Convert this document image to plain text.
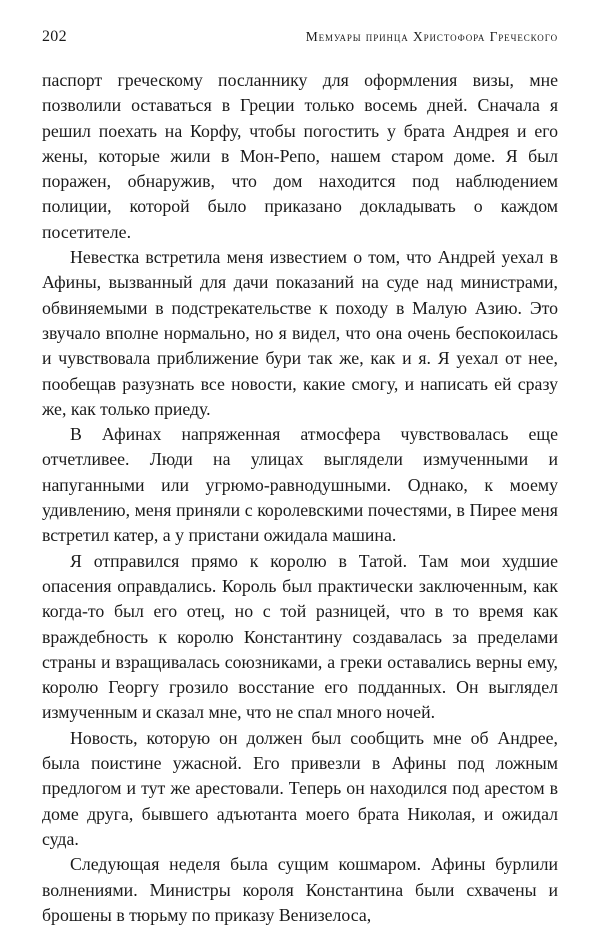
202	Мемуары принца Христофора Греческого

паспорт греческому посланнику для оформления визы, мне позволили оставаться в Греции только восемь дней. Сначала я решил поехать на Корфу, чтобы погостить у брата Андрея и его жены, которые жили в Мон-Репо, нашем старом доме. Я был поражен, обнаружив, что дом находится под наблюдением полиции, которой было приказано докладывать о каждом посетителе.

Невестка встретила меня известием о том, что Андрей уехал в Афины, вызванный для дачи показаний на суде над министрами, обвиняемыми в подстрекательстве к походу в Малую Азию. Это звучало вполне нормально, но я видел, что она очень беспокоилась и чувствовала приближение бури так же, как и я. Я уехал от нее, пообещав разузнать все новости, какие смогу, и написать ей сразу же, как только приеду.

В Афинах напряженная атмосфера чувствовалась еще отчетливее. Люди на улицах выглядели измученными и напуганными или угрюмо-равнодушными. Однако, к моему удивлению, меня приняли с королевскими почестями, в Пирее меня встретил катер, а у пристани ожидала машина.

Я отправился прямо к королю в Татой. Там мои худшие опасения оправдались. Король был практически заключенным, как когда-то был его отец, но с той разницей, что в то время как враждебность к королю Константину создавалась за пределами страны и взращивалась союзниками, а греки оставались верны ему, королю Георгу грозило восстание его подданных. Он выглядел измученным и сказал мне, что не спал много ночей.

Новость, которую он должен был сообщить мне об Андрее, была поистине ужасной. Его привезли в Афины под ложным предлогом и тут же арестовали. Теперь он находился под арестом в доме друга, бывшего адъютанта моего брата Николая, и ожидал суда.

Следующая неделя была сущим кошмаром. Афины бурлили волнениями. Министры короля Константина были схвачены и брошены в тюрьму по приказу Венизелоса,
